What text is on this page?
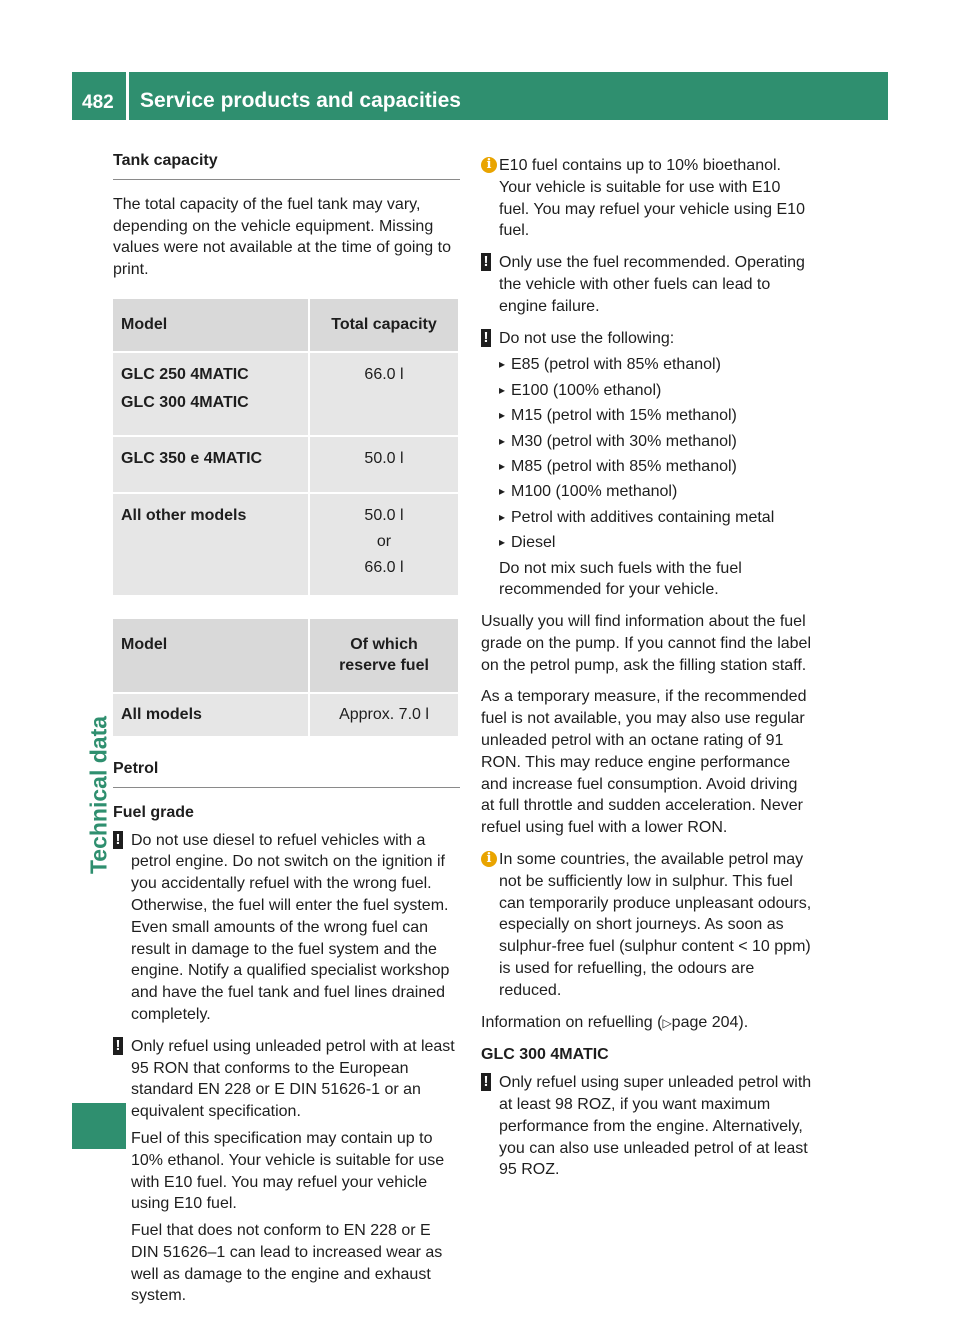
482 Service products and capacities
Technical data
Tank capacity

The total capacity of the fuel tank may vary, depending on the vehicle equipment. Missing values were not available at the time of going to print.

Model	Total capacity

GLC 250 4MATIC
GLC 300 4MATIC	66.0 l

GLC 350 e 4MATIC	50.0 l

All other models	50.0 l
or
66.0 l
Model	Of which reserve fuel
All models	Approx. 7.0 l
Petrol

Fuel grade

! Do not use diesel to refuel vehicles with a petrol engine. Do not switch on the ignition if you accidentally refuel with the wrong fuel. Otherwise, the fuel will enter the fuel system. Even small amounts of the wrong fuel can result in damage to the fuel system and the engine. Notify a qualified specialist workshop and have the fuel tank and fuel lines drained completely.

! Only refuel using unleaded petrol with at least 95 RON that conforms to the European standard EN 228 or E DIN 51626-1 or an equivalent specification.

Fuel of this specification may contain up to 10% ethanol. Your vehicle is suitable for use with E10 fuel. You may refuel your vehicle using E10 fuel.

Fuel that does not conform to EN 228 or E DIN 51626–1 can lead to increased wear as well as damage to the engine and exhaust system.

i E10 fuel contains up to 10% bioethanol. Your vehicle is suitable for use with E10 fuel. You may refuel your vehicle using E10 fuel.

! Only use the fuel recommended. Operating the vehicle with other fuels can lead to engine failure.

! Do not use the following:

▸ E85 (petrol with 85% ethanol)
▸ E100 (100% ethanol)
▸ M15 (petrol with 15% methanol)
▸ M30 (petrol with 30% methanol)
▸ M85 (petrol with 85% methanol)
▸ M100 (100% methanol)
▸ Petrol with additives containing metal
▸ Diesel

Do not mix such fuels with the fuel recommended for your vehicle.

Usually you will find information about the fuel grade on the pump. If you cannot find the label on the petrol pump, ask the filling station staff.

As a temporary measure, if the recommended fuel is not available, you may also use regular unleaded petrol with an octane rating of 91 RON. This may reduce engine performance and increase fuel consumption. Avoid driving at full throttle and sudden acceleration. Never refuel using fuel with a lower RON.

i In some countries, the available petrol may not be sufficiently low in sulphur. This fuel can temporarily produce unpleasant odours, especially on short journeys. As soon as sulphur-free fuel (sulphur content < 10 ppm) is used for refuelling, the odours are reduced.

Information on refuelling (▷page 204).

GLC 300 4MATIC

! Only refuel using super unleaded petrol with at least 98 ROZ, if you want maximum performance from the engine. Alternatively, you can also use unleaded petrol of at least 95 ROZ.
